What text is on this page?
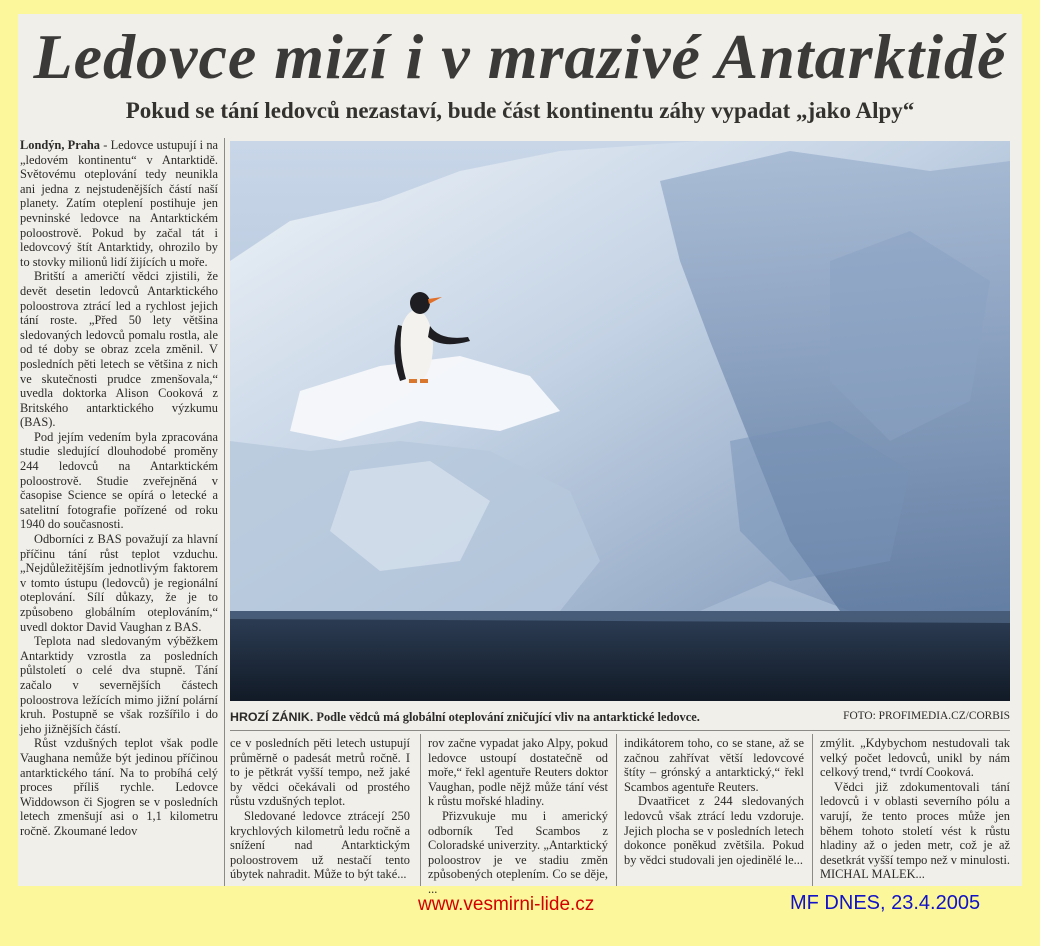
Ledovce mizí i v mrazivé Antarktidě
Pokud se tání ledovců nezastaví, bude část kontinentu záhy vypadat „jako Alpy“

Londýn, Praha - Ledovce ustupují i na „ledovém kontinentu“ v Antarktidě. Světovému oteplování tedy neunikla ani jedna z nejstudenějších částí naší planety. Zatím oteplení postihuje jen pevninské ledovce na Antarktickém poloostrově. Pokud by začal tát i ledovcový štít Antarktidy, ohrozilo by to stovky milionů lidí žijících u moře.

Britští a američtí vědci zjistili, že devět desetin ledovců Antarktického poloostrova ztrácí led a rychlost jejich tání roste. „Před 50 lety většina sledovaných ledovců pomalu rostla, ale od té doby se obraz zcela změnil. V posledních pěti letech se většina z nich ve skutečnosti prudce zmenšovala,“ uvedla doktorka Alison Cooková z Britského antarktického výzkumu (BAS).

Pod jejím vedením byla zpracována studie sledující dlouhodobé proměny 244 ledovců na Antarktickém poloostrově. Studie zveřejněná v časopise Science se opírá o letecké a satelitní fotografie pořízené od roku 1940 do současnosti.

Odborníci z BAS považují za hlavní příčinu tání růst teplot vzduchu. „Nejdůležitějším jednotlivým faktorem v tomto ústupu (ledovců) je regionální oteplování. Sílí důkazy, že je to způsobeno globálním oteplováním,“ uvedl doktor David Vaughan z BAS.

Teplota nad sledovaným výběžkem Antarktidy vzrostla za posledních půlstoletí o celé dva stupně. Tání začalo v severnějších částech poloostrova ležících mimo jižní polární kruh. Postupně se však rozšířilo i do jeho jižnějších částí.

Růst vzdušných teplot však podle Vaughana nemůže být jedinou příčinou antarktického tání. Na to probíhá celý proces příliš rychle. Ledovce Widdowson či Sjogren se v posledních letech zmenšují asi o 1,1 kilometru ročně. Zkoumané ledov

HROZÍ ZÁNIK. Podle vědců má globální oteplování zničující vliv na antarktické ledovce.	FOTO: PROFIMEDIA.CZ/CORBIS

ce v posledních pěti letech ustupují průměrně o padesát metrů ročně. I to je pětkrát vyšší tempo, než jaké by vědci očekávali od prostého růstu vzdušných teplot.

Sledované ledovce ztrácejí 250 krychlových kilometrů ledu ročně a snížení nad Antarktickým poloostrovem už nestačí tento úbytek nahradit. Může to být také...

rov začne vypadat jako Alpy, pokud ledovce ustoupí dostatečně od moře,“ řekl agentuře Reuters doktor Vaughan, podle nějž může tání vést k růstu mořské hladiny.

Přizvukuje mu i americký odborník Ted Scambos z Coloradské univerzity. „Antarktický poloostrov je ve stadiu změn způsobených oteplením. Co se děje, ...

indikátorem toho, co se stane, až se začnou zahřívat větší ledovcové štíty – grónský a antarktický,“ řekl Scambos agentuře Reuters.

Dvaatřicet z 244 sledovaných ledovců však ztrácí ledu vzdoruje. Jejich plocha se v posledních letech dokonce poněkud zvětšila. Pokud by vědci studovali jen ojedinělé le...

zmýlit. „Kdybychom nestudovali tak velký počet ledovců, unikl by nám celkový trend,“ tvrdí Cooková.

Vědci již zdokumentovali tání ledovců i v oblasti severního pólu a varují, že tento proces může jen během tohoto století vést k růstu hladiny až o jeden metr, což je až desetkrát vyšší tempo než v minulosti. MICHAL MALEK...

www.vesmirni-lide.cz	MF DNES, 23.4.2005
